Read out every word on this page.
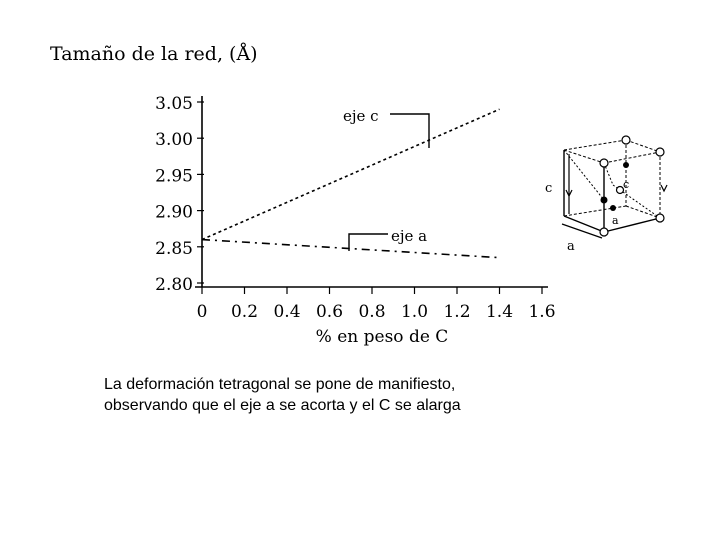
Tamaño de la red, (Å)
2.80
2.85
2.90
2.95
3.00
3.05
0 0.2 0.4 0.6 0.8 1.0 1.2 1.4 1.6
eje c
eje a
% en peso de C
c
a
a
c
La deformación tetragonal se pone de manifiesto,
observando que el eje a se acorta y el C se alarga
